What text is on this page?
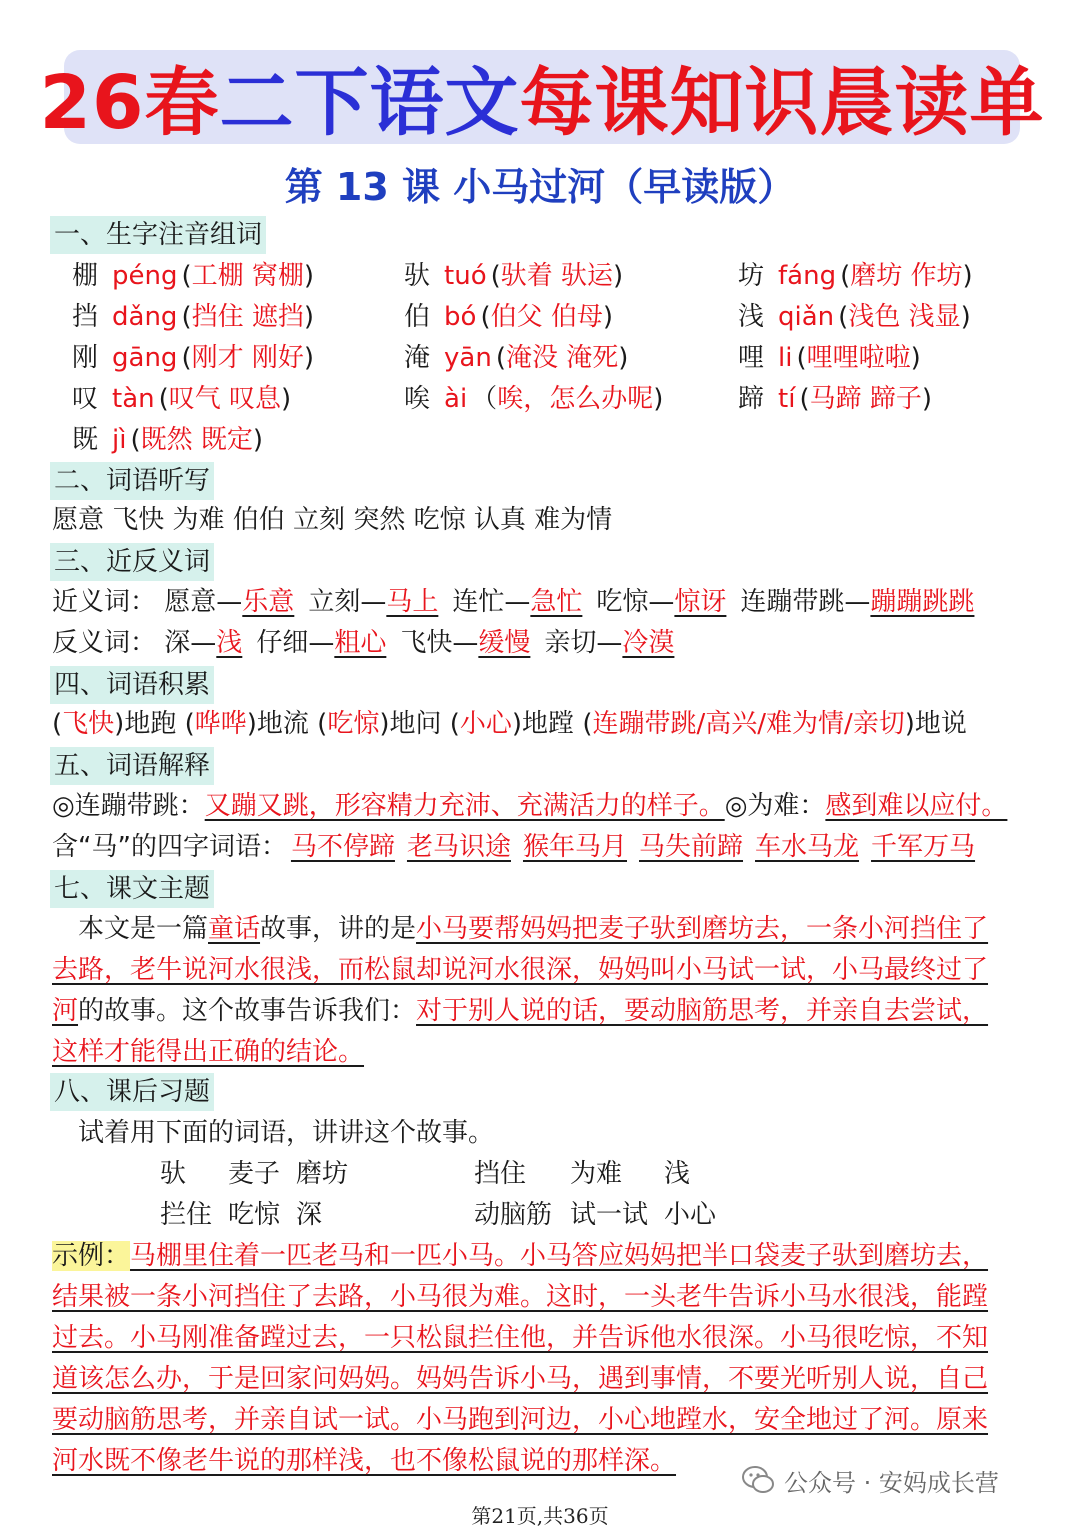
26春二下语文 每课知识晨读单
第 13 课 小马过河（早读版）
一、生字注音组词
棚 péng (工棚 窝棚)	驮 tuó (驮着 驮运)	坊 fáng (磨坊 作坊)
挡 dǎng (挡住 遮挡)	伯 bó (伯父 伯母)	浅 qiǎn (浅色 浅显)
刚 gāng (刚才 刚好)	淹 yān (淹没 淹死)	哩 li (哩哩啦啦)
叹 tàn (叹气 叹息)	唉 ài （唉，怎么办呢)	蹄 tí (马蹄 蹄子)
既 jì (既然 既定)
二、词语听写
愿意 飞快 为难 伯伯 立刻 突然 吃惊 认真 难为情
三、近反义词
近义词： 愿意—乐意 立刻—马上 连忙—急忙 吃惊—惊讶 连蹦带跳—蹦蹦跳跳
反义词： 深—浅 仔细—粗心 飞快—缓慢 亲切—冷漠
四、词语积累
(飞快)地跑 (哗哗)地流 (吃惊)地问 (小心)地蹚 (连蹦带跳/高兴/难为情/亲切)地说
五、词语解释
◎连蹦带跳：又蹦又跳，形容精力充沛、充满活力的样子。◎为难：感到难以应付。
含“马”的四字词语： 马不停蹄 老马识途 猴年马月 马失前蹄 车水马龙 千军万马
七、课文主题
本文是一篇童话故事，讲的是小马要帮妈妈把麦子驮到磨坊去，一条小河挡住了
去路，老牛说河水很浅，而松鼠却说河水很深，妈妈叫小马试一试，小马最终过了
河的故事。这个故事告诉我们：对于别人说的话，要动脑筋思考，并亲自去尝试，
这样才能得出正确的结论。
八、课后习题
试着用下面的词语，讲讲这个故事。
驮 麦子 磨坊	挡住 为难 浅
拦住 吃惊 深	动脑筋 试一试 小心
示例：马棚里住着一匹老马和一匹小马。小马答应妈妈把半口袋麦子驮到磨坊去，
结果被一条小河挡住了去路，小马很为难。这时，一头老牛告诉小马水很浅，能蹚
过去。小马刚准备蹚过去，一只松鼠拦住他，并告诉他水很深。小马很吃惊，不知
道该怎么办，于是回家问妈妈。妈妈告诉小马，遇到事情，不要光听别人说，自己
要动脑筋思考，并亲自试一试。小马跑到河边，小心地蹚水，安全地过了河。原来
河水既不像老牛说的那样浅，也不像松鼠说的那样深。
公众号 · 安妈成长营
第21页,共36页
